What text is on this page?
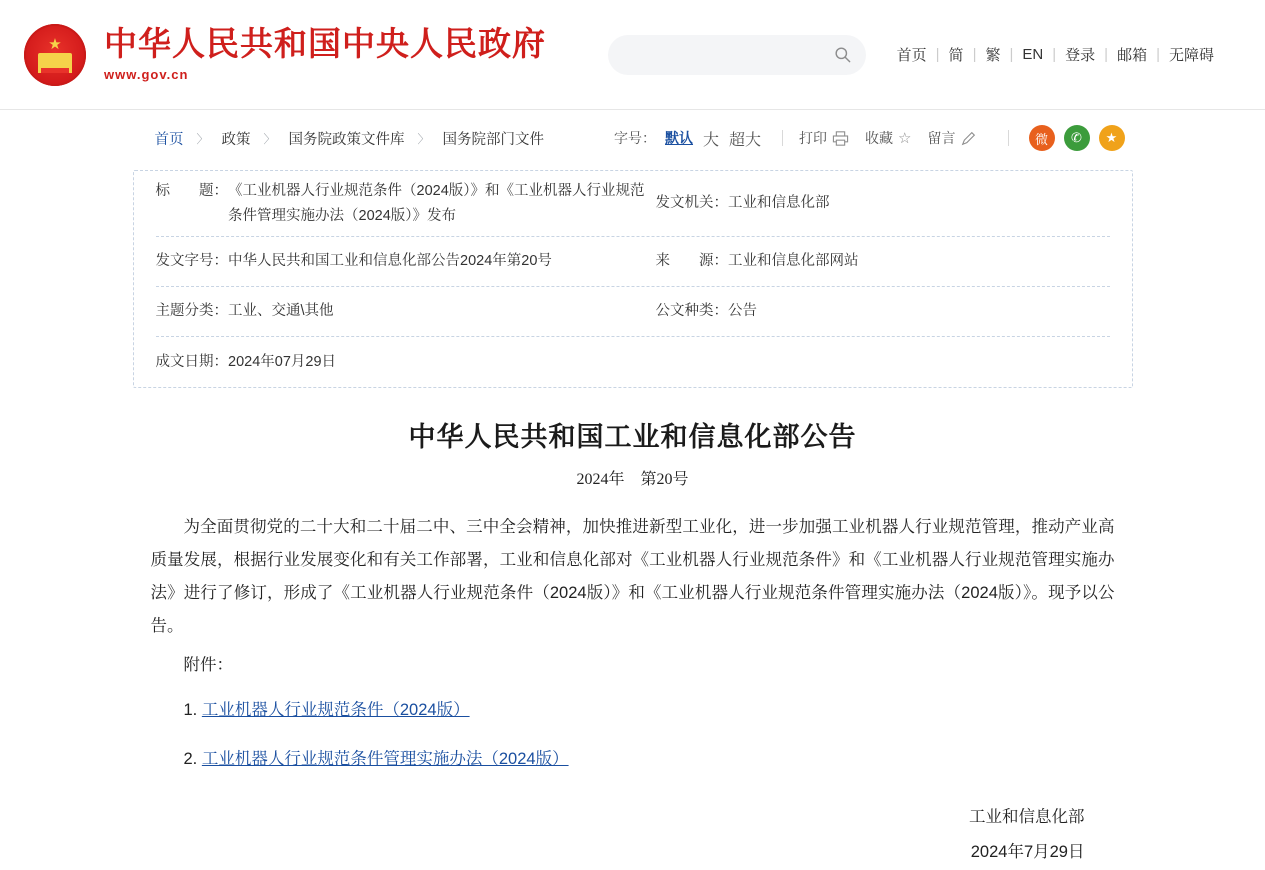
★ 中华人民共和国中央人民政府
www.gov.cn
首页 | 简 | 繁 | EN | 登录 | 邮箱 | 无障碍
首页 〉 政策 〉 国务院政策文件库 〉 国务院部门文件	字号： 默认 大 超大	打印	收藏 ☆ 留言	微	✆	★
标　　题： 《工业机器人行业规范条件（2024版）》和《工业机器人行业规范条件管理实施办法（2024版）》发布
发文机关： 工业和信息化部
发文字号： 中华人民共和国工业和信息化部公告2024年第20号	来　　源： 工业和信息化部网站
主题分类： 工业、交通\其他	公文种类： 公告
成文日期： 2024年07月29日
中华人民共和国工业和信息化部公告
2024年　第20号

为全面贯彻党的二十大和二十届二中、三中全会精神，加快推进新型工业化，进一步加强工业机器人行业规范管理，推动产业高质量发展，根据行业发展变化和有关工作部署，工业和信息化部对《工业机器人行业规范条件》和《工业机器人行业规范管理实施办法》进行了修订，形成了《工业机器人行业规范条件（2024版）》和《工业机器人行业规范条件管理实施办法（2024版）》。现予以公告。

附件：

1. 工业机器人行业规范条件（2024版）
2. 工业机器人行业规范条件管理实施办法（2024版）
工业和信息化部
2024年7月29日
